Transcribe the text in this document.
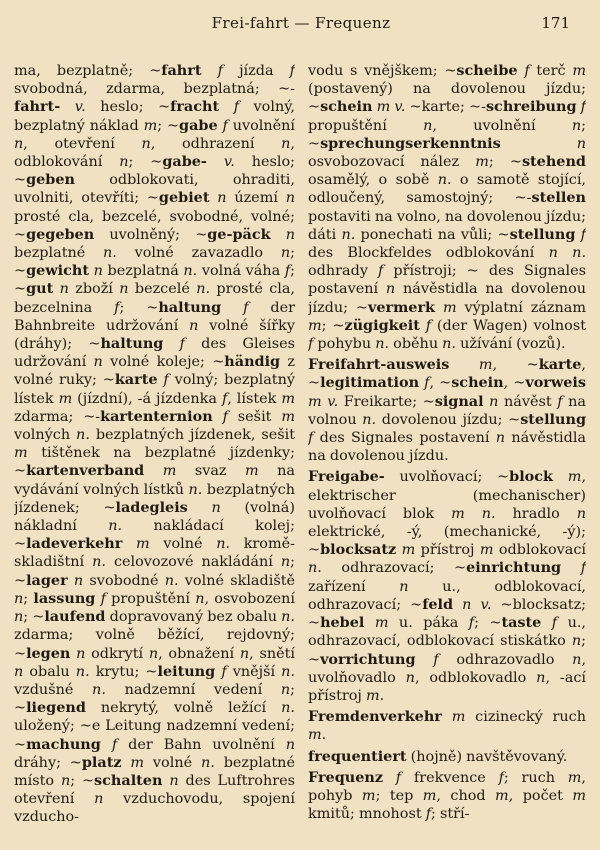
Frei-fahrt — Frequenz	171

ma, bezplatně; ~fahrt f jízda f svobodná, zdarma, bezplatná; ~-fahrt- v. heslo; ~fracht f volný, bezplatný náklad m; ~gabe f uvolnění n, otevření n, odhrazení n, odblokování n; ~gabe- v. heslo; ~geben odblokovati, ohraditi, uvolniti, otevříti; ~gebiet n území n prosté cla, bezcelé, svobodné, volné; ~gegeben uvolněný; ~ge-päck n bezplatné n. volné zavazadlo n; ~gewicht n bezplatná n. volná váha f; ~gut n zboží n bezcelé n. prosté cla, bezcelnina f; ~haltung f der Bahnbreite udržování n volné šířky (dráhy); ~haltung f des Gleises udržování n volné koleje; ~händig z volné ruky; ~karte f volný; bezplatný lístek m (jízdní), -á jízdenka f, lístek m zdarma; ~-kartenternion f sešit m volných n. bezplatných jízdenek, sešit m tištěnek na bezplatné jízdenky; ~kartenverband m svaz m na vydávání volných lístků n. bezplatných jízdenek; ~ladegleis n (volná) nákladní n. nakládací kolej; ~ladeverkehr m volné n. kromě-skladištní n. celovozové nakládání n; ~lager n svobodné n. volné skladiště n; lassung f propuštění n, osvobození n; ~laufend dopravovaný bez obalu n. zdarma; volně běžící, rejdovný; ~legen n odkrytí n, obnažení n, snětí n obalu n. krytu; ~leitung f vnější n. vzdušné n. nadzemní vedení n; ~liegend nekrytý, volně ležící n. uložený; ~e Leitung nadzemní vedení; ~machung f der Bahn uvolnění n dráhy; ~platz m volné n. bezplatné místo n; ~schalten n des Luftrohres otevření n vzduchovodu, spojení vzducho-

vodu s vnějškem; ~scheibe f terč m (postavený) na dovolenou jízdu; ~schein m v. ~karte; ~-schreibung f propuštění n, uvolnění n; ~sprechungserkenntnis	n osvobozovací nález m; ~stehend osamělý, o sobě n. o samotě stojící, odloučený, samostojný; ~-stellen postaviti na volno, na dovolenou jízdu; dáti n. ponechati na vůli; ~stellung f des Blockfeldes odblokování n n. odhrady f přístroji; ~ des Signales postavení n návěstidla na dovolenou jízdu; ~vermerk m výplatní záznam m; ~zügigkeit f (der Wagen) volnost f pohybu n. oběhu n. užívání (vozů).

Freifahrt-ausweis m, ~karte, ~legitimation f, ~schein, ~vorweis m v. Freikarte; ~signal n návěst f na volnou n. dovolenou jízdu; ~stellung f des Signales postavení n návěstidla na dovolenou jízdu.

Freigabe- uvolňovací; ~block m, elektrischer (mechanischer) uvolňovací blok m n. hradlo n elektrické, -ý, (mechanické, -ý); ~blocksatz m přístroj m odblokovací n. odhrazovací; ~einrichtung f zařízení n u., odblokovací, odhrazovací; ~feld n v. ~blocksatz; ~hebel m u. páka f; ~taste f u., odhrazovací, odblokovací stiskátko n; ~vorrichtung f odhrazovadlo n, uvolňovadlo n, odblokovadlo n, -ací přístroj m.

Fremdenverkehr m cizinecký ruch m.

frequentiert (hojně) navštěvovaný.

Frequenz f frekvence f; ruch m, pohyb m; tep m, chod m, počet m kmitů; mnohost f; stří-
